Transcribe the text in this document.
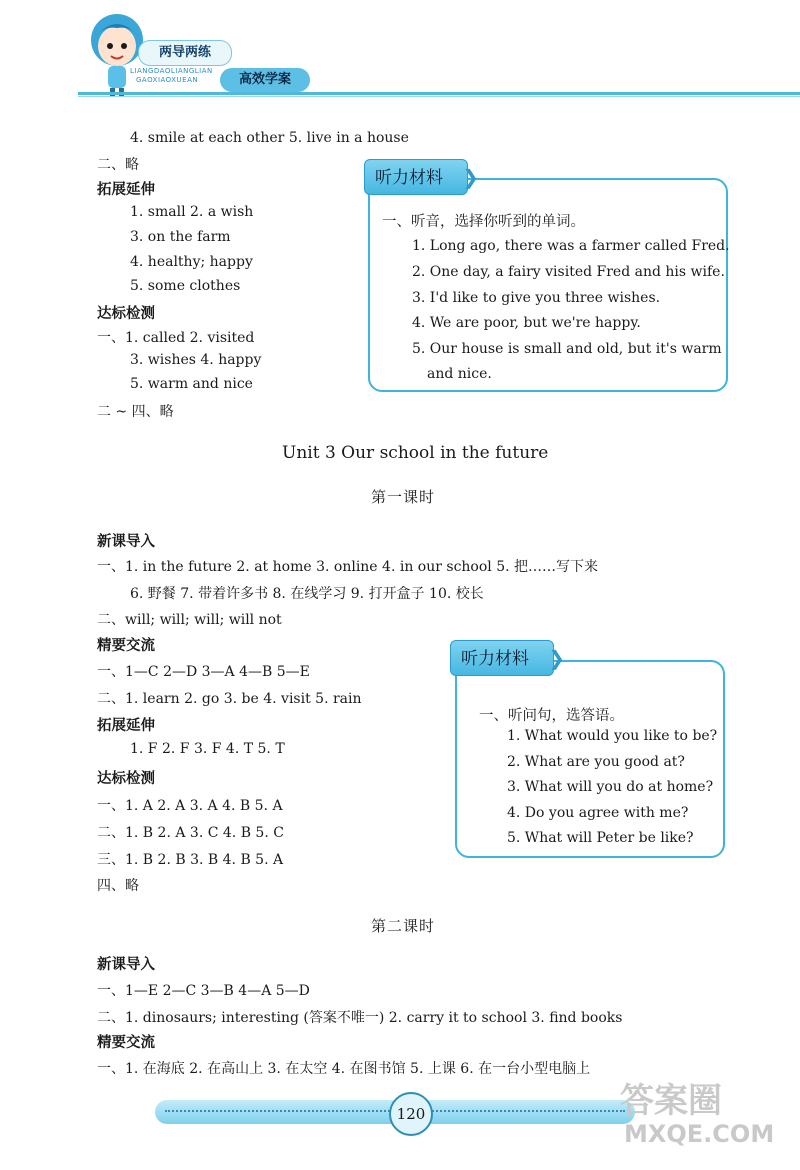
两导两练
LIANGDAOLIANGLIAN
GAOXIAOXUEAN	高效学案
4. smile at each other 5. live in a house
二、略
拓展延伸
1. small 2. a wish
3. on the farm
4. healthy; happy
5. some clothes
达标检测
一、1. called 2. visited
3. wishes 4. happy
5. warm and nice
二 ~ 四、略
一、听音，选择你听到的单词。
1. Long ago, there was a farmer called Fred.
2. One day, a fairy visited Fred and his wife.
3. I'd like to give you three wishes.
4. We are poor, but we're happy.
5. Our house is small and old, but it's warm
and nice.
听力材料 ❯
Unit 3 Our school in the future
第一课时
新课导入
一、1. in the future 2. at home 3. online 4. in our school 5. 把……写下来
6. 野餐 7. 带着许多书 8. 在线学习 9. 打开盒子 10. 校长
二、will; will; will; will not
精要交流
一、1—C 2—D 3—A 4—B 5—E
二、1. learn 2. go 3. be 4. visit 5. rain
拓展延伸
1. F 2. F 3. F 4. T 5. T
达标检测
一、1. A 2. A 3. A 4. B 5. A
二、1. B 2. A 3. C 4. B 5. C
三、1. B 2. B 3. B 4. B 5. A
四、略
一、听问句，选答语。
1. What would you like to be?
2. What are you good at?
3. What will you do at home?
4. Do you agree with me?
5. What will Peter be like?
听力材料 ❯
第二课时
新课导入
一、1—E 2—C 3—B 4—A 5—D
二、1. dinosaurs; interesting (答案不唯一) 2. carry it to school 3. find books
精要交流
一、1. 在海底 2. 在高山上 3. 在太空 4. 在图书馆 5. 上课 6. 在一台小型电脑上
120	答案圈
MXQE.COM
